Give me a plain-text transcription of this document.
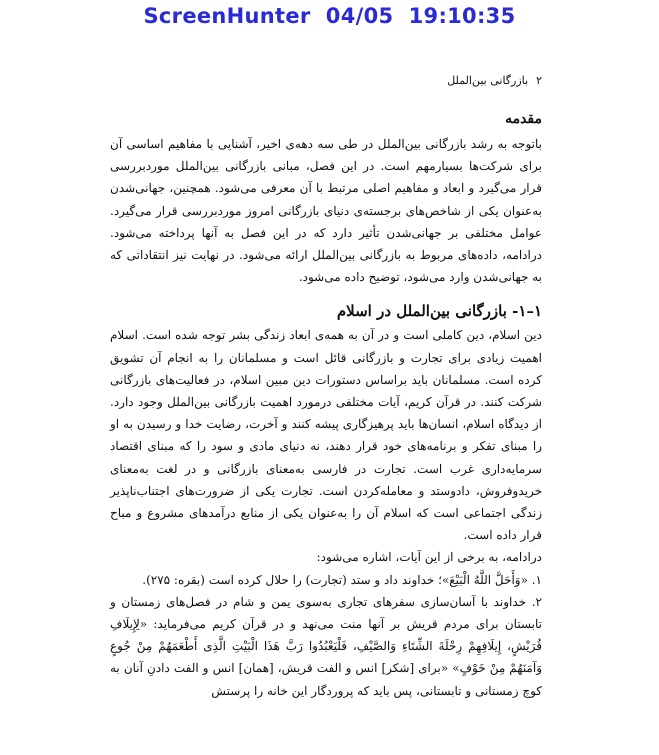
ScreenHunter  04/05  19:10:35
۲
بازرگانی بین‌الملل
مقدمه

باتوجه به رشد بازرگانی بین‌الملل در طی سه دهه‌ی اخیر، آشنایی با مفاهیم اساسی آن برای شرکت‌ها بسیارمهم است. در این فصل، مبانی بازرگانی بین‌الملل موردبررسی قرار می‌گیرد و ابعاد و مفاهیم اصلی مرتبط با آن معرفی می‌شود. همچنین، جهانی‌شدن به‌عنوان یکی از شاخص‌های برجسته‌ی دنیای بازرگانی امروز موردبررسی قرار می‌گیرد. عوامل مختلفی بر جهانی‌شدن تأثیر دارد که در این فصل به آنها پرداخته می‌شود. درادامه، داده‌های مربوط به بازرگانی بین‌الملل ارائه می‌شود. در نهایت نیز انتقاداتی که به جهانی‌شدن وارد می‌شود، توضیح داده می‌شود.

۱–۱- بازرگانی بین‌الملل در اسلام

دین اسلام، دین کاملی است و در آن به همه‌ی ابعاد زندگی بشر توجه شده است. اسلام اهمیت زیادی برای تجارت و بازرگانی قائل است و مسلمانان را به انجام آن تشویق کرده است. مسلمانان باید براساس دستورات دین مبین اسلام، در فعالیت‌های بازرگانی شرکت کنند. در قرآن کریم، آیات مختلفی درمورد اهمیت بازرگانی بین‌الملل وجود دارد. از دیدگاه اسلام، انسان‌ها باید پرهیزگاری پیشه کنند و آخرت، رضایت خدا و رسیدن به او را مبنای تفکر و برنامه‌های خود قرار دهند، نه دنیای مادی و سود را که مبنای اقتصاد سرمایه‌داری غرب است. تجارت در فارسی به‌معنای بازرگانی و در لغت به‌معنای خرید‌وفروش، دادوستد و معامله‌کردن است. تجارت یکی از ضرورت‌های اجتناب‌ناپذیر زندگی اجتماعی است که اسلام آن را به‌عنوان یکی از منابع درآمدهای مشروع و مباح قرار داده است.

درادامه، به برخی از این آیات، اشاره می‌شود:

۱. «وَأَحَلَّ اللَّهُ الْبَيْعَ»؛ خداوند داد و ستد (تجارت) را حلال کرده است (بقره: ۲۷۵).

۲. خداوند با آسان‌سازی سفرهای تجاری به‌سوی یمن و شام در فصل‌های زمستان و تابستان برای مردم قریش بر آنها منت می‌نهد و در قرآن کریم می‌فرماید: «لِإِیلَافِ قُرَیْشٍ، إِیلَافِهِمْ رِحْلَةَ الشِّتَاءِ وَالصَّیْفِ، فَلْیَعْبُدُوا رَبَّ هَذَا الْبَیْتِ الَّذِی أَطْعَمَهُمْ مِنْ جُوعٍ وَآمَنَهُمْ مِنْ خَوْفٍ» «برای [شکر] انس و الفت قریش، [همان] انس و الفت دادنِ آنان به کوچ زمستانی و تابستانی، پس باید که پروردگار این خانه را پرستش
